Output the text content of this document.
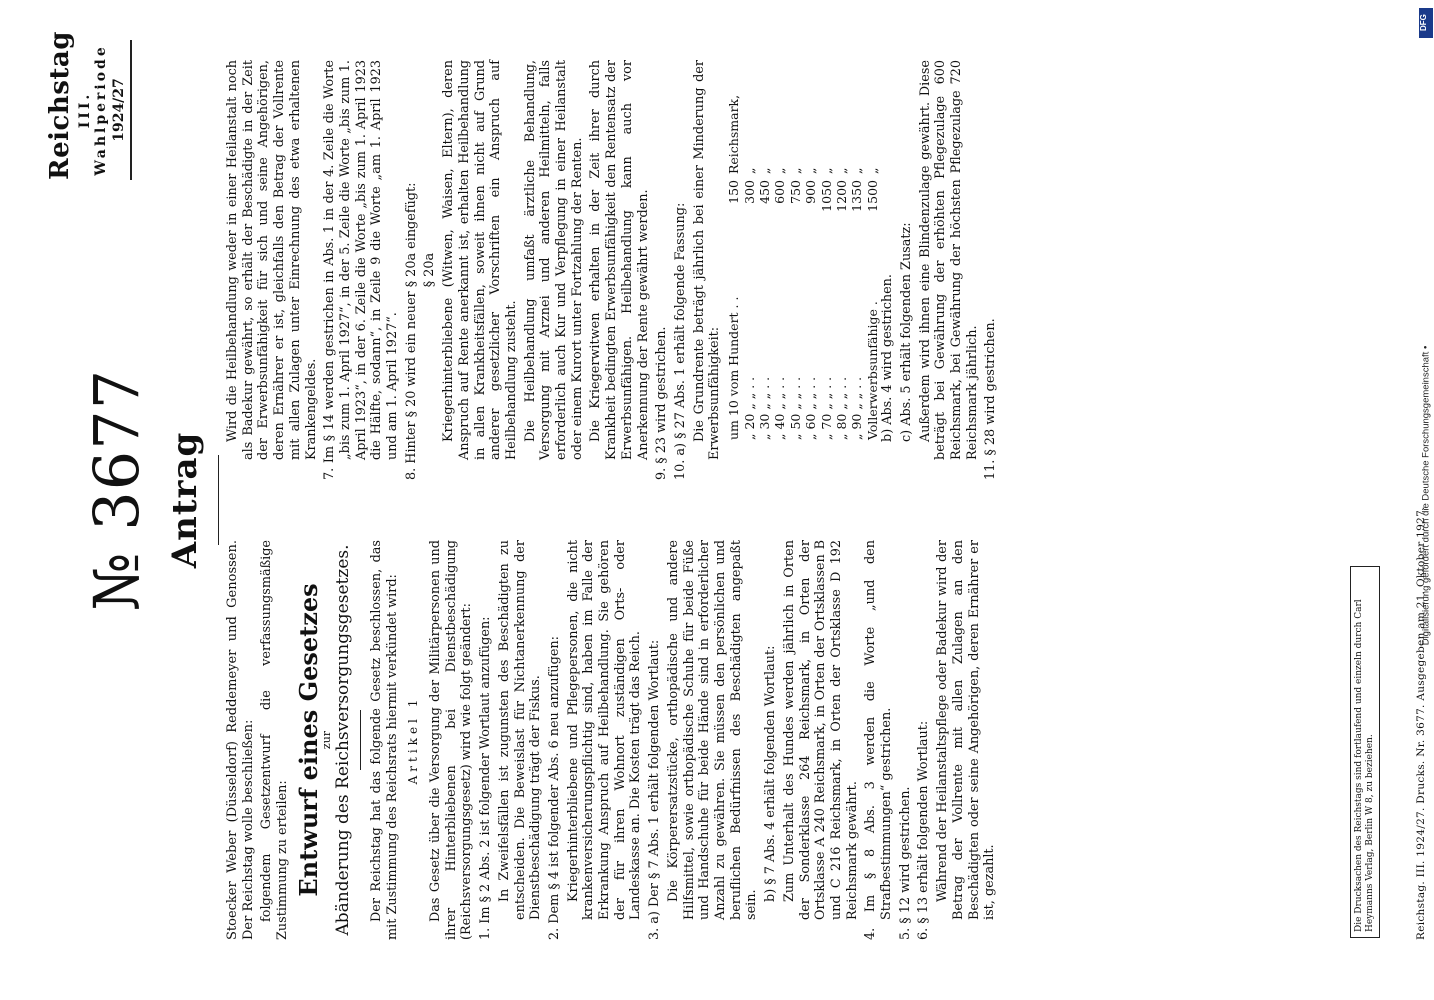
Reichstag III. Wahlperiode 1924/27
№ 3677 Antrag

Stoecker Weber (Düsseldorf) Reddemeyer und Genossen. Der Reichstag wolle beschließen: folgendem Gesetzentwurf die verfassungsmäßige Zustimmung zu erteilen: Entwurf eines Gesetzes
zur Abänderung des Reichsversorgungsgesetzes. Der Reichstag hat das folgende Gesetz beschlossen, das mit Zustimmung des Reichsrats hiermit verkündet wird: Artikel 1 Das Gesetz über die Versorgung der Militärpersonen und ihrer Hinterbliebenen bei Dienstbeschädigung (Reichsversorgungsgesetz) wird wie folgt geändert: 1. Im § 2 Abs. 2 ist folgender Wortlaut anzufügen: In Zweifelsfällen ist zugunsten des Beschädigten zu entscheiden. Die Beweislast für Nichtanerkennung der Dienstbeschädigung trägt der Fiskus.

2. Dem § 4 ist folgender Abs. 6 neu anzufügen: Kriegerhinterbliebene und Pflegepersonen, die nicht krankenversicherungspflichtig sind, haben im Falle der Erkrankung Anspruch auf Heilbehandlung. Sie gehören der für ihren Wohnort zuständigen Orts- oder Landeskasse an. Die Kosten trägt das Reich.

3. a) Der § 7 Abs. 1 erhält folgenden Wortlaut: Die Körperersatzstücke, orthopädische und andere Hilfsmittel, sowie orthopädische Schuhe für beide Füße und Handschuhe für beide Hände sind in erforderlicher Anzahl zu gewähren. Sie müssen den persönlichen und beruflichen Bedürfnissen des Beschädigten angepaßt sein.

b) § 7 Abs. 4 erhält folgenden Wortlaut: Zum Unterhalt des Hundes werden jährlich in Orten der Sonderklasse 264 Reichsmark, in Orten der Ortsklasse A 240 Reichsmark, in Orten der Ortsklassen B und C 216 Reichsmark, in Orten der Ortsklasse D 192 Reichsmark gewährt.

4. Im § 8 Abs. 3 werden die Worte „und den Strafbestimmungen“ gestrichen.

5. § 12 wird gestrichen.

6. § 13 erhält folgenden Wortlaut: Während der Heilanstaltspflege oder Badekur wird der Betrag der Vollrente mit allen Zulagen an den Beschädigten oder seine Angehörigen, deren Ernährer er ist, gezahlt.

Wird die Heilbehandlung weder in einer Heilanstalt noch als Badekur gewährt, so erhält der Beschädigte in der Zeit der Erwerbsunfähigkeit für sich und seine Angehörigen, deren Ernährer er ist, gleichfalls den Betrag der Vollrente mit allen Zulagen unter Einrechnung des etwa erhaltenen Krankengeldes.

7. Im § 14 werden gestrichen in Abs. 1 in der 4. Zeile die Worte „bis zum 1. April 1927“, in der 5. Zeile die Worte „bis zum 1. April 1923“, in der 6. Zeile die Worte „bis zum 1. April 1923 die Hälfte, sodann“, in Zeile 9 die Worte „am 1. April 1923 und am 1. April 1927“.

8. Hinter § 20 wird ein neuer § 20a eingefügt: § 20a Kriegerhinterbliebene (Witwen, Waisen, Eltern), deren Anspruch auf Rente anerkannt ist, erhalten Heilbehandlung in allen Krankheitsfällen, soweit ihnen nicht auf Grund anderer gesetzlicher Vorschriften ein Anspruch auf Heilbehandlung zusteht. Die Heilbehandlung umfaßt ärztliche Behandlung, Versorgung mit Arznei und anderen Heilmitteln, falls erforderlich auch Kur und Verpflegung in einer Heilanstalt oder einem Kurort unter Fortzahlung der Renten. Die Kriegerwitwen erhalten in der Zeit ihrer durch Krankheit bedingten Erwerbsunfähigkeit den Rentensatz der Erwerbsunfähigen. Heilbehandlung kann auch vor Anerkennung der Rente gewährt werden.

9. § 23 wird gestrichen.

10. a) § 27 Abs. 1 erhält folgende Fassung: Die Grundrente beträgt jährlich bei einer Minderung der Erwerbsunfähigkeit: um 10 vom Hundert . .
150
Reichsmark,
„ 20 „ „ . .
300
„
„ 30 „ „ . .
450
„
„ 40 „ „ . .
600
„
„ 50 „ „ . .
750
„
„ 60 „ „ . .
900
„
„ 70 „ „ . .
1050
„
„ 80 „ „ . .
1200
„
„ 90 „ „ . .
1350
„
Vollerwerbsunfähige .
1500
„

b) Abs. 4 wird gestrichen. c) Abs. 5 erhält folgenden Zusatz: Außerdem wird ihnen eine Blindenzulage gewährt. Diese beträgt bei Gewährung der erhöhten Pflegezulage 600 Reichsmark, bei Gewährung der höchsten Pflegezulage 720 Reichsmark jährlich.

11. § 28 wird gestrichen.

Die Drucksachen des Reichstags sind fortlaufend und einzeln durch Carl Heymanns Verlag, Berlin W 8, zu beziehen.	Reichstag. III. 1924/27. Drucks. Nr. 3677. Ausgegeben am 21. Oktober 1927.
DFG
Digitalisierung gefördert durch die Deutsche Forschungsgemeinschaft •
